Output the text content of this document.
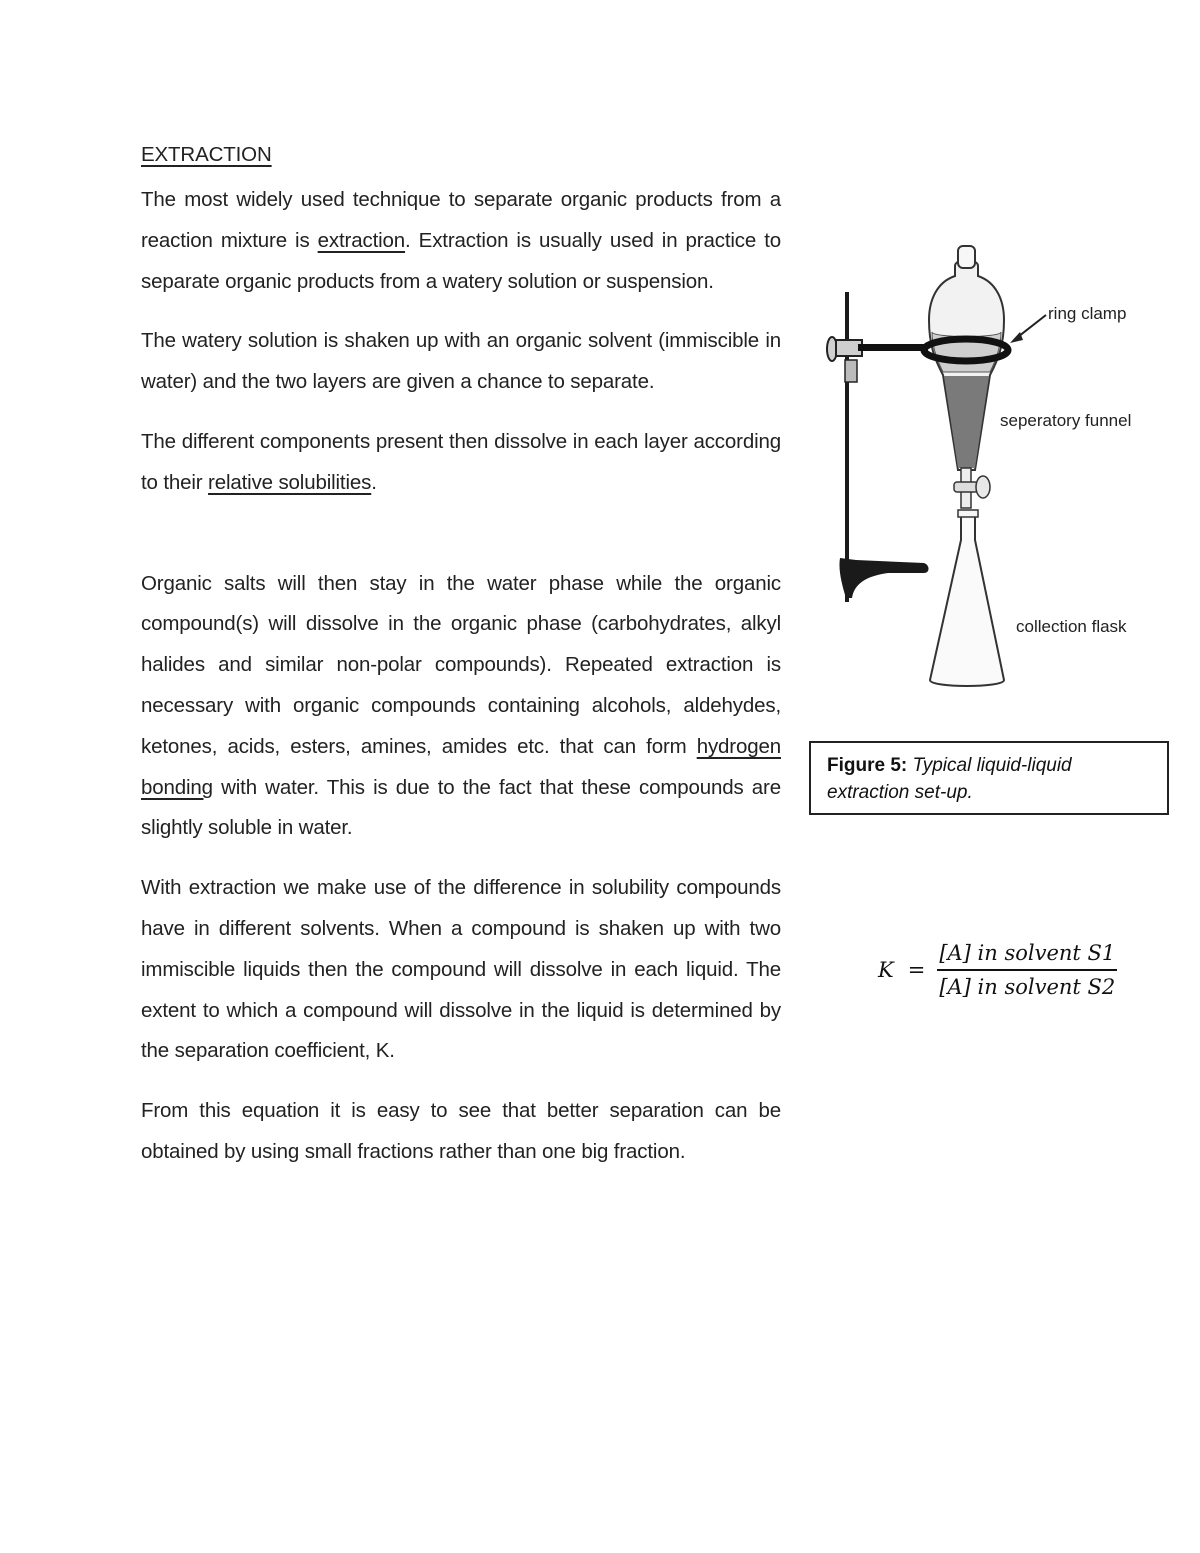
EXTRACTION

The most widely used technique to separate organic products from a reaction mixture is extraction. Extraction is usually used in practice to separate organic products from a watery solution or suspension.

The watery solution is shaken up with an organic solvent (immiscible in water) and the two layers are given a chance to separate.

The different components present then dissolve in each layer according to their relative solubilities.

Organic salts will then stay in the water phase while the organic compound(s) will dissolve in the organic phase (carbohydrates, alkyl halides and similar non-polar compounds). Repeated extraction is necessary with organic compounds containing alcohols, aldehydes, ketones, acids, esters, amines, amides etc. that can form hydrogen bonding with water. This is due to the fact that these compounds are slightly soluble in water.

With extraction we make use of the difference in solubility compounds have in different solvents. When a compound is shaken up with two immiscible liquids then the compound will dissolve in each liquid. The extent to which a compound will dissolve in the liquid is determined by the separation coefficient, K.

From this equation it is easy to see that better separation can be obtained by using small fractions rather than one big fraction.

ring clamp
seperatory funnel
collection flask
Figure 5: Typical liquid-liquid extraction set-up.
$K = \frac{\text{[A] in solvent S1}}{\text{[A] in solvent S2}}$
